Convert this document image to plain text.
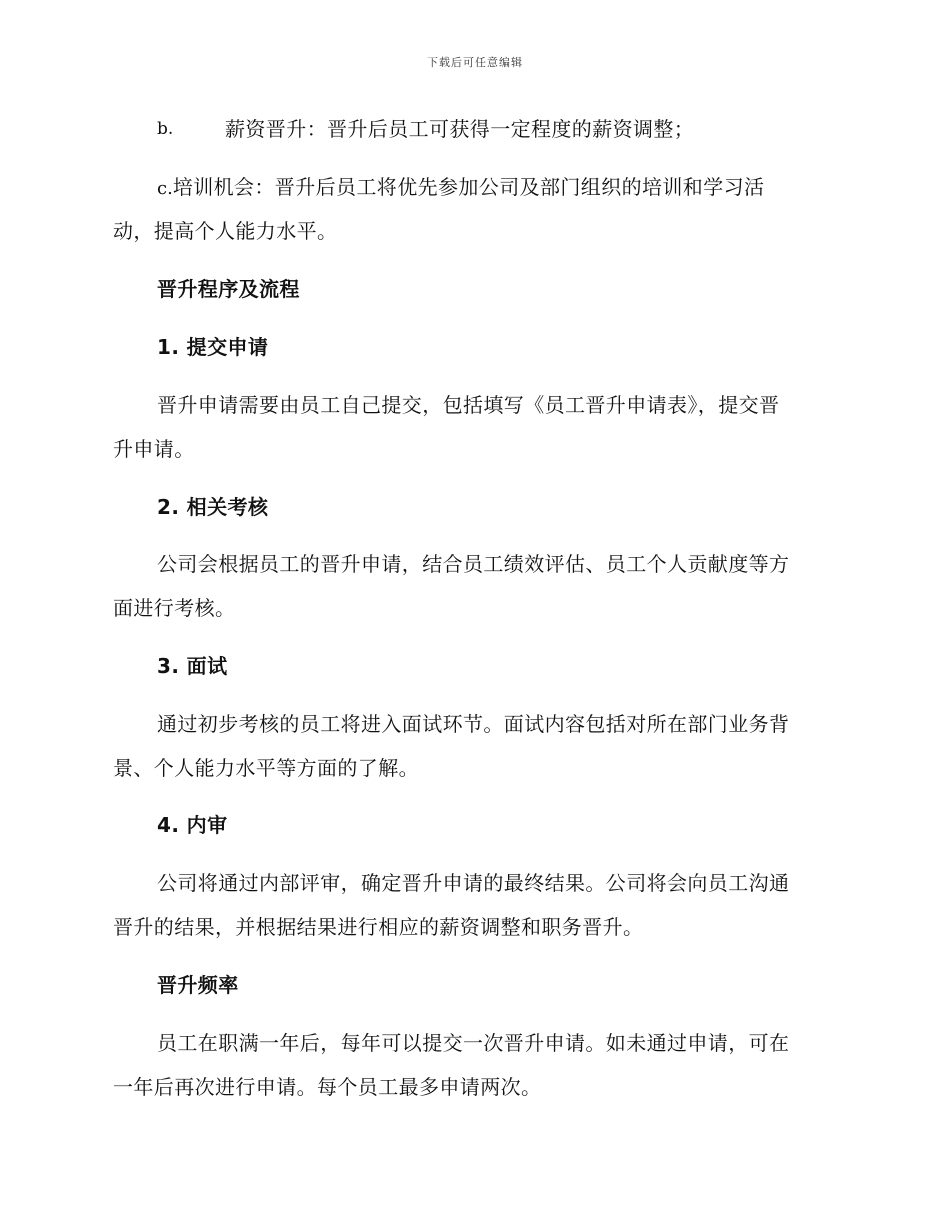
下载后可任意编辑
b.	薪资晋升：晋升后员工可获得一定程度的薪资调整；
c.培训机会：晋升后员工将优先参加公司及部门组织的培训和学习活
动，提高个人能力水平。
晋升程序及流程
1. 提交申请
晋升申请需要由员工自己提交，包括填写《员工晋升申请表》，提交晋
升申请。
2. 相关考核
公司会根据员工的晋升申请，结合员工绩效评估、员工个人贡献度等方
面进行考核。
3. 面试
通过初步考核的员工将进入面试环节。面试内容包括对所在部门业务背
景、个人能力水平等方面的了解。
4. 内审
公司将通过内部评审，确定晋升申请的最终结果。公司将会向员工沟通
晋升的结果，并根据结果进行相应的薪资调整和职务晋升。
晋升频率
员工在职满一年后，每年可以提交一次晋升申请。如未通过申请，可在
一年后再次进行申请。每个员工最多申请两次。
